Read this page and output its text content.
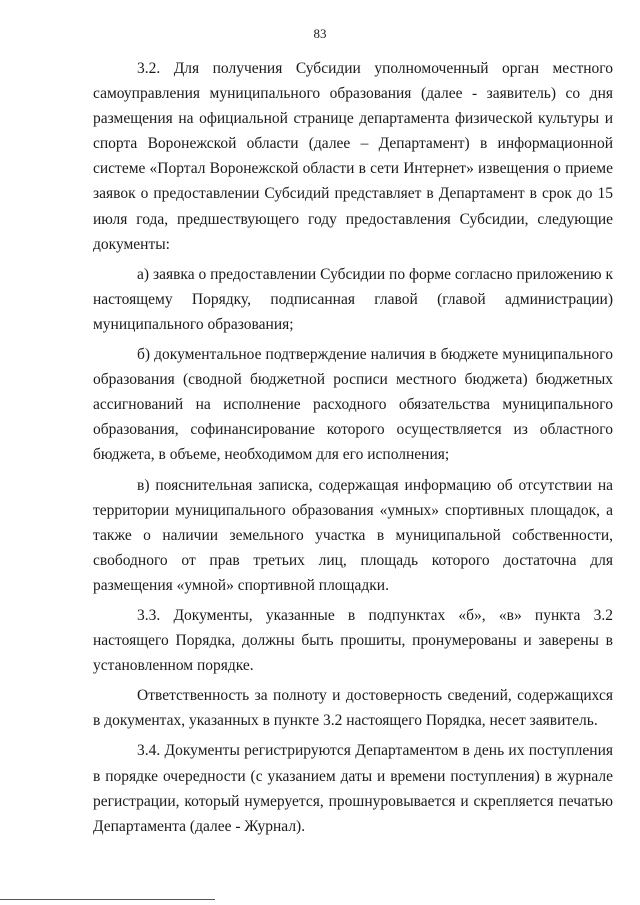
83

3.2. Для получения Субсидии уполномоченный орган местного самоуправления муниципального образования (далее - заявитель) со дня размещения на официальной странице департамента физической культуры и спорта Воронежской области (далее – Департамент) в информационной системе «Портал Воронежской области в сети Интернет» извещения о приеме заявок о предоставлении Субсидий представляет в Департамент в срок до 15 июля года, предшествующего году предоставления Субсидии, следующие документы:

а) заявка о предоставлении Субсидии по форме согласно приложению к настоящему Порядку, подписанная главой (главой администрации) муниципального образования;

б) документальное подтверждение наличия в бюджете муниципального образования (сводной бюджетной росписи местного бюджета) бюджетных ассигнований на исполнение расходного обязательства муниципального образования, софинансирование которого осуществляется из областного бюджета, в объеме, необходимом для его исполнения;

в) пояснительная записка, содержащая информацию об отсутствии на территории муниципального образования «умных» спортивных площадок, а также о наличии земельного участка в муниципальной собственности, свободного от прав третьих лиц, площадь которого достаточна для размещения «умной» спортивной площадки.

3.3. Документы, указанные в подпунктах «б», «в» пункта 3.2 настоящего Порядка, должны быть прошиты, пронумерованы и заверены в установленном порядке.

Ответственность за полноту и достоверность сведений, содержащихся в документах, указанных в пункте 3.2 настоящего Порядка, несет заявитель.

3.4. Документы регистрируются Департаментом в день их поступления в порядке очередности (с указанием даты и времени поступления) в журнале регистрации, который нумеруется, прошнуровывается и скрепляется печатью Департамента (далее - Журнал).
